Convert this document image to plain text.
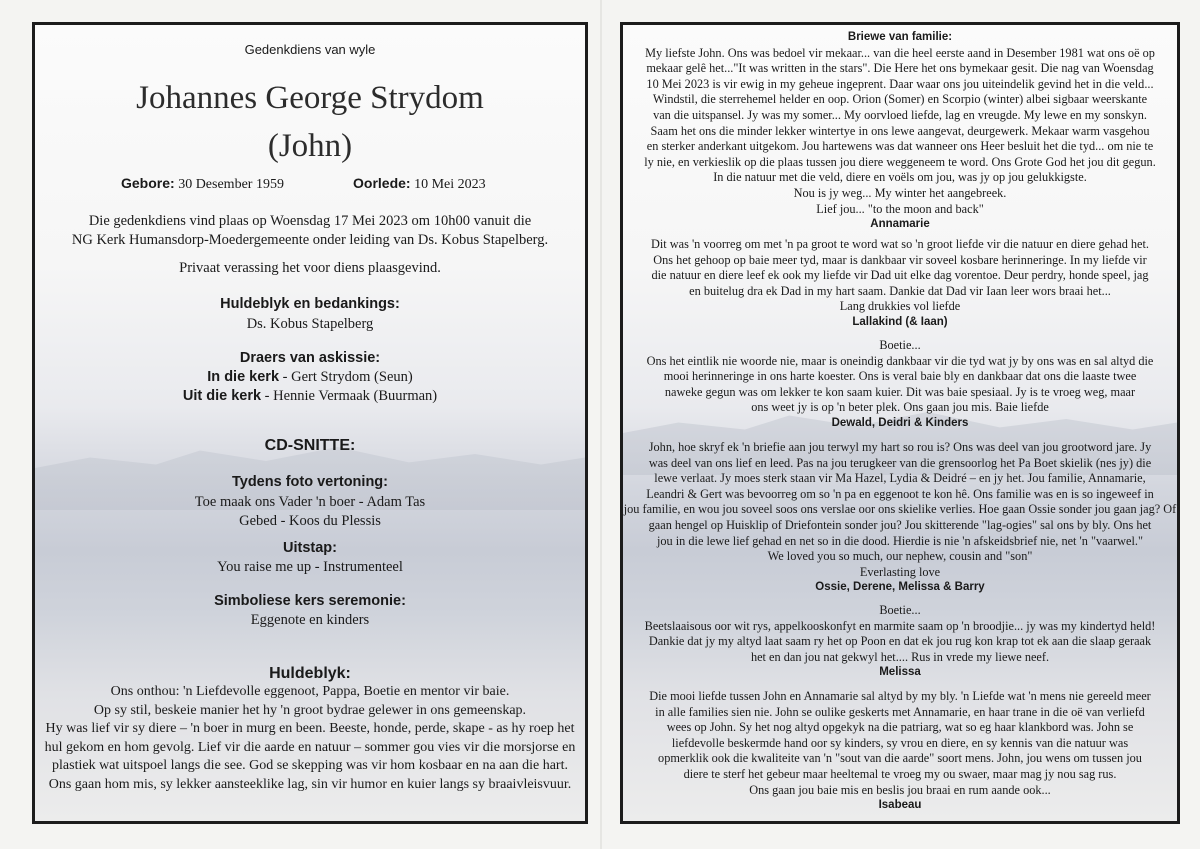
Gedenkdiens van wyle
Johannes George Strydom
(John)
Gebore: 30 Desember 1959	Oorlede: 10 Mei 2023
Die gedenkdiens vind plaas op Woensdag 17 Mei 2023 om 10h00 vanuit die
NG Kerk Humansdorp-Moedergemeente onder leiding van Ds. Kobus Stapelberg.
Privaat verassing het voor diens plaasgevind.
Huldeblyk en bedankings:
Ds. Kobus Stapelberg
Draers van askissie:
In die kerk - Gert Strydom (Seun)
Uit die kerk - Hennie Vermaak (Buurman)
CD-SNITTE:
Tydens foto vertoning:
Toe maak ons Vader 'n boer - Adam Tas
Gebed - Koos du Plessis
Uitstap:
You raise me up - Instrumenteel
Simboliese kers seremonie:
Eggenote en kinders
Huldeblyk:
Ons onthou: 'n Liefdevolle eggenoot, Pappa, Boetie en mentor vir baie.
Op sy stil, beskeie manier het hy 'n groot bydrae gelewer in ons gemeenskap.
Hy was lief vir sy diere – 'n boer in murg en been. Beeste, honde, perde, skape - as hy roep het
hul gekom en hom gevolg. Lief vir die aarde en natuur – sommer gou vies vir die morsjorse en
plastiek wat uitspoel langs die see. God se skepping was vir hom kosbaar en na aan die hart.
Ons gaan hom mis, sy lekker aansteeklike lag, sin vir humor en kuier langs sy braaivleisvuur.
Briewe van familie:
My liefste John. Ons was bedoel vir mekaar... van die heel eerste aand in Desember 1981 wat ons oë op
mekaar gelê het..."It was written in the stars". Die Here het ons bymekaar gesit. Die nag van Woensdag
10 Mei 2023 is vir ewig in my geheue ingeprent. Daar waar ons jou uiteindelik gevind het in die veld...
Windstil, die sterrehemel helder en oop. Orion (Somer) en Scorpio (winter) albei sigbaar weerskante
van die uitspansel. Jy was my somer... My oorvloed liefde, lag en vreugde. My lewe en my sonskyn.
Saam het ons die minder lekker wintertye in ons lewe aangevat, deurgewerk. Mekaar warm vasgehou
en sterker anderkant uitgekom. Jou hartewens was dat wanneer ons Heer besluit het die tyd... om nie te
ly nie, en verkieslik op die plaas tussen jou diere weggeneem te word. Ons Grote God het jou dit gegun.
In die natuur met die veld, diere en voëls om jou, was jy op jou gelukkigste.
Nou is jy weg... My winter het aangebreek.
Lief jou... "to the moon and back"
Annamarie
Dit was 'n voorreg om met 'n pa groot te word wat so 'n groot liefde vir die natuur en diere gehad het.
Ons het gehoop op baie meer tyd, maar is dankbaar vir soveel kosbare herinneringe. In my liefde vir
die natuur en diere leef ek ook my liefde vir Dad uit elke dag vorentoe. Deur perdry, honde speel, jag
en buitelug dra ek Dad in my hart saam. Dankie dat Dad vir Iaan leer wors braai het...
Lang drukkies vol liefde
Lallakind (& Iaan)
Boetie...
Ons het eintlik nie woorde nie, maar is oneindig dankbaar vir die tyd wat jy by ons was en sal altyd die
mooi herinneringe in ons harte koester. Ons is veral baie bly en dankbaar dat ons die laaste twee
naweke gegun was om lekker te kon saam kuier. Dit was baie spesiaal. Jy is te vroeg weg, maar
ons weet jy is op 'n beter plek. Ons gaan jou mis. Baie liefde
Dewald, Deidri & Kinders
John, hoe skryf ek 'n briefie aan jou terwyl my hart so rou is? Ons was deel van jou grootword jare. Jy
was deel van ons lief en leed. Pas na jou terugkeer van die grensoorlog het Pa Boet skielik (nes jy) die
lewe verlaat. Jy moes sterk staan vir Ma Hazel, Lydia & Deidré – en jy het. Jou familie, Annamarie,
Leandri & Gert was bevoorreg om so 'n pa en eggenoot te kon hê. Ons familie was en is so ingeweef in
jou familie, en wou jou soveel soos ons verslae oor ons skielike verlies. Hoe gaan Ossie sonder jou gaan jag? Of
gaan hengel op Huisklip of Driefontein sonder jou? Jou skitterende "lag-ogies" sal ons by bly. Ons het
jou in die lewe lief gehad en net so in die dood. Hierdie is nie 'n afskeidsbrief nie, net 'n "vaarwel."
We loved you so much, our nephew, cousin and "son"
Everlasting love
Ossie, Derene, Melissa & Barry
Boetie...
Beetslaaisous oor wit rys, appelkooskonfyt en marmite saam op 'n broodjie... jy was my kindertyd held!
Dankie dat jy my altyd laat saam ry het op Poon en dat ek jou rug kon krap tot ek aan die slaap geraak
het en dan jou nat gekwyl het.... Rus in vrede my liewe neef.
Melissa
Die mooi liefde tussen John en Annamarie sal altyd by my bly. 'n Liefde wat 'n mens nie gereeld meer
in alle families sien nie. John se oulike geskerts met Annamarie, en haar trane in die oë van verliefd
wees op John. Sy het nog altyd opgekyk na die patriarg, wat so eg haar klankbord was. John se
liefdevolle beskermde hand oor sy kinders, sy vrou en diere, en sy kennis van die natuur was
opmerklik ook die kwaliteite van 'n "sout van die aarde" soort mens. John, jou wens om tussen jou
diere te sterf het gebeur maar heeltemal te vroeg my ou swaer, maar mag jy nou sag rus.
Ons gaan jou baie mis en beslis jou braai en rum aande ook...
Isabeau
